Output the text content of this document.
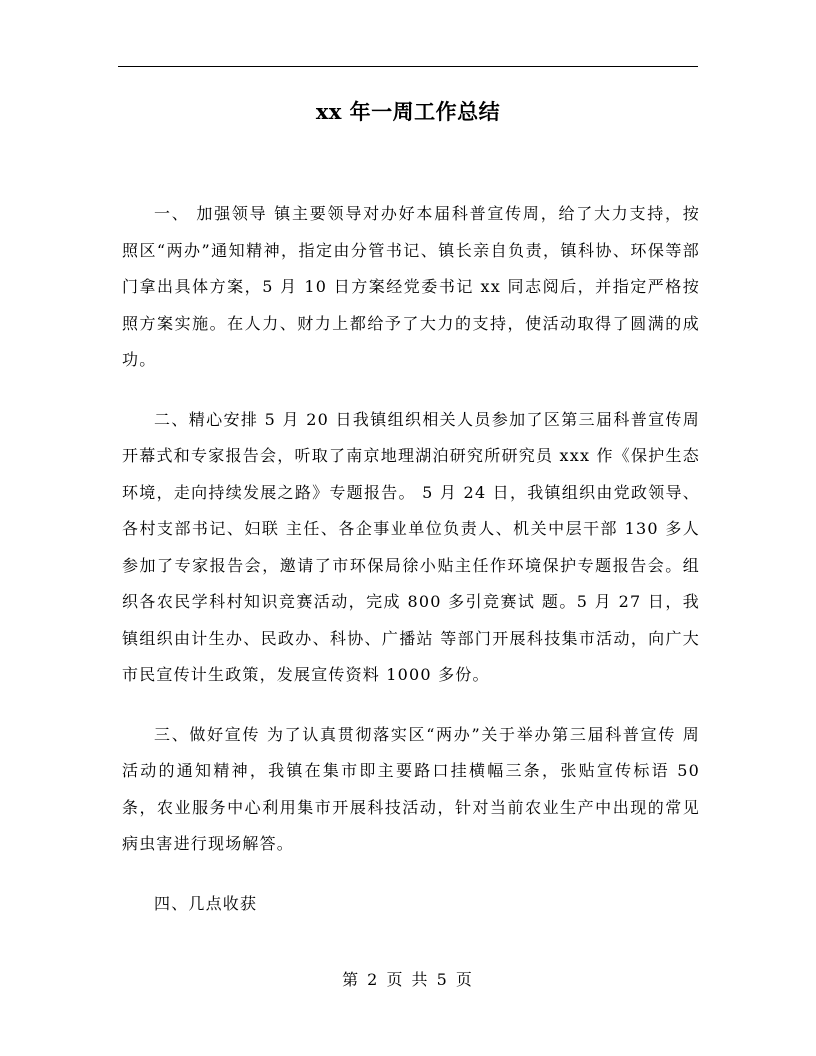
xx 年一周工作总结

一、 加强领导 镇主要领导对办好本届科普宣传周，给了大力支持，按 照区“两办”通知精神，指定由分管书记、镇长亲自负责，镇科协、环保等部门拿出具体方案，5 月 10 日方案经党委书记 xx 同志阅后，并指定严格按照方案实施。在人力、财力上都给予了大力的支持，使活动取得了圆满的成功。

二、精心安排 5 月 20 日我镇组织相关人员参加了区第三届科普宣传周 开幕式和专家报告会，听取了南京地理湖泊研究所研究员 xxx 作《保护生态环境，走向持续发展之路》专题报告。 5 月 24 日，我镇组织由党政领导、各村支部书记、妇联 主任、各企事业单位负责人、机关中层干部 130 多人参加了专家报告会，邀请了市环保局徐小贴主任作环境保护专题报告会。组织各农民学科村知识竞赛活动，完成 800 多引竞赛试 题。5 月 27 日，我镇组织由计生办、民政办、科协、广播站 等部门开展科技集市活动，向广大市民宣传计生政策，发展宣传资料 1000 多份。

三、做好宣传 为了认真贯彻落实区“两办”关于举办第三届科普宣传 周活动的通知精神，我镇在集市即主要路口挂横幅三条，张贴宣传标语 50 条，农业服务中心利用集市开展科技活动，针对当前农业生产中出现的常见病虫害进行现场解答。

四、几点收获

第 2 页 共 5 页
